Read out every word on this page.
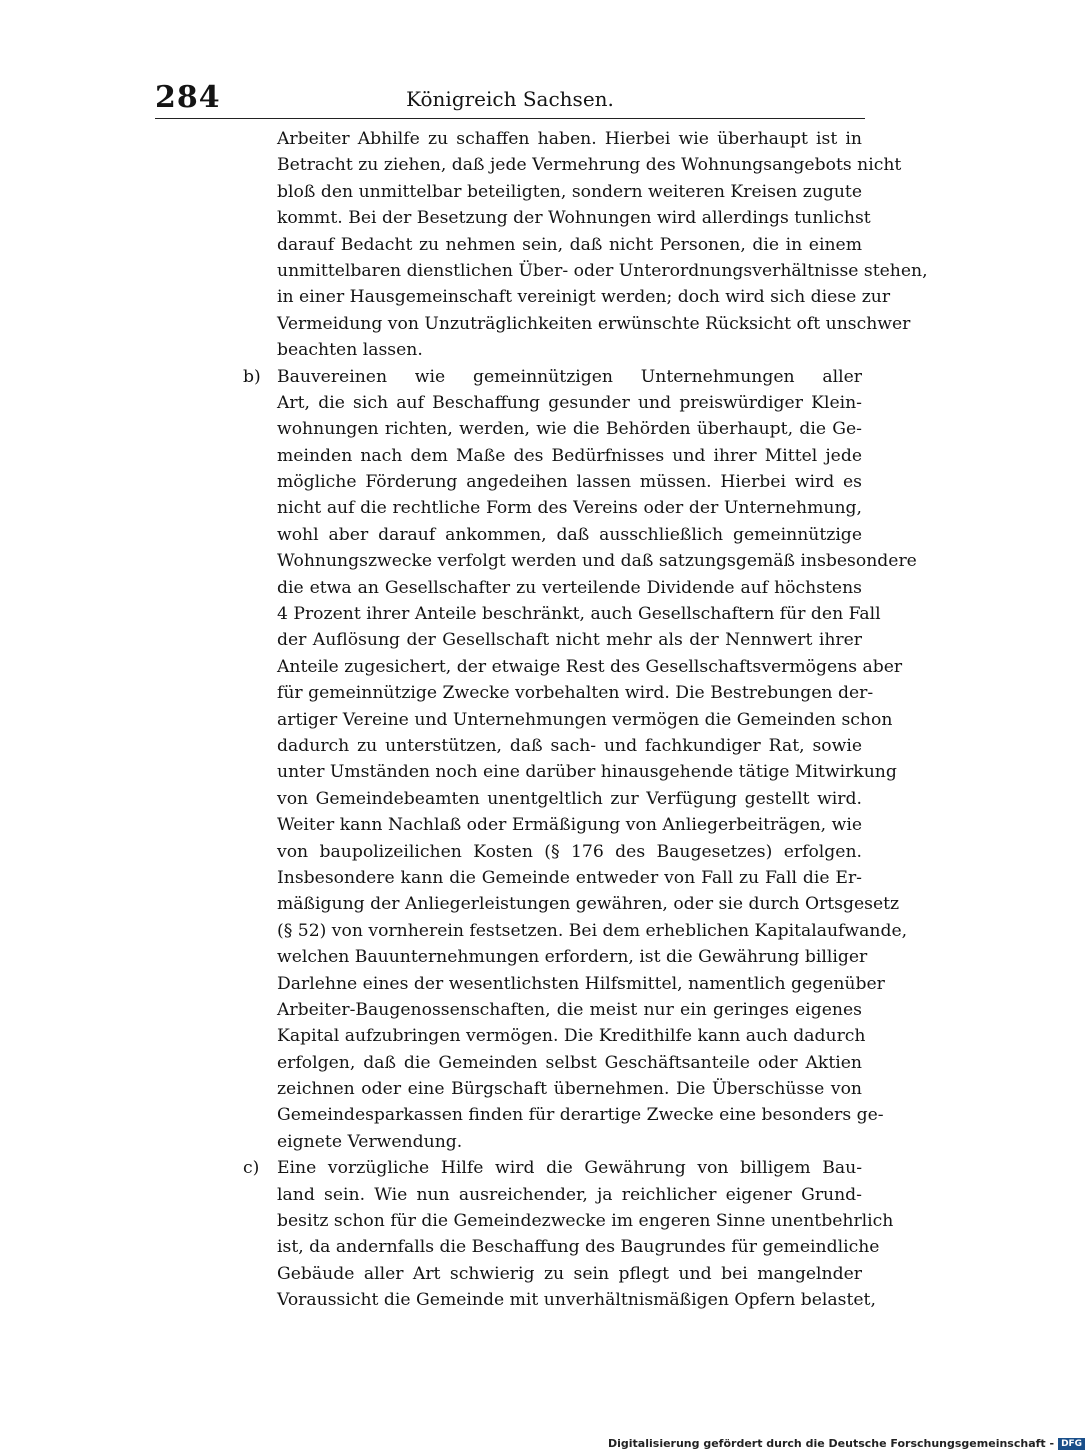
284	Königreich Sachsen.
Arbeiter Abhilfe zu schaffen haben. Hierbei wie überhaupt ist in
Betracht zu ziehen, daß jede Vermehrung des Wohnungsangebots nicht
bloß den unmittelbar beteiligten, sondern weiteren Kreisen zugute
kommt. Bei der Besetzung der Wohnungen wird allerdings tunlichst
darauf Bedacht zu nehmen sein, daß nicht Personen, die in einem
unmittelbaren dienstlichen Über- oder Unterordnungsverhältnisse stehen,
in einer Hausgemeinschaft vereinigt werden; doch wird sich diese zur
Vermeidung von Unzuträglichkeiten erwünschte Rücksicht oft unschwer
beachten lassen.
b) Bauvereinen wie gemeinnützigen Unternehmungen aller
Art, die sich auf Beschaffung gesunder und preiswürdiger Klein-
wohnungen richten, werden, wie die Behörden überhaupt, die Ge-
meinden nach dem Maße des Bedürfnisses und ihrer Mittel jede
mögliche Förderung angedeihen lassen müssen. Hierbei wird es
nicht auf die rechtliche Form des Vereins oder der Unternehmung,
wohl aber darauf ankommen, daß ausschließlich gemeinnützige
Wohnungszwecke verfolgt werden und daß satzungsgemäß insbesondere
die etwa an Gesellschafter zu verteilende Dividende auf höchstens
4 Prozent ihrer Anteile beschränkt, auch Gesellschaftern für den Fall
der Auflösung der Gesellschaft nicht mehr als der Nennwert ihrer
Anteile zugesichert, der etwaige Rest des Gesellschaftsvermögens aber
für gemeinnützige Zwecke vorbehalten wird. Die Bestrebungen der-
artiger Vereine und Unternehmungen vermögen die Gemeinden schon
dadurch zu unterstützen, daß sach- und fachkundiger Rat, sowie
unter Umständen noch eine darüber hinausgehende tätige Mitwirkung
von Gemeindebeamten unentgeltlich zur Verfügung gestellt wird.
Weiter kann Nachlaß oder Ermäßigung von Anliegerbeiträgen, wie
von baupolizeilichen Kosten (§ 176 des Baugesetzes) erfolgen.
Insbesondere kann die Gemeinde entweder von Fall zu Fall die Er-
mäßigung der Anliegerleistungen gewähren, oder sie durch Ortsgesetz
(§ 52) von vornherein festsetzen. Bei dem erheblichen Kapitalaufwande,
welchen Bauunternehmungen erfordern, ist die Gewährung billiger
Darlehne eines der wesentlichsten Hilfsmittel, namentlich gegenüber
Arbeiter-Baugenossenschaften, die meist nur ein geringes eigenes
Kapital aufzubringen vermögen. Die Kredithilfe kann auch dadurch
erfolgen, daß die Gemeinden selbst Geschäftsanteile oder Aktien
zeichnen oder eine Bürgschaft übernehmen. Die Überschüsse von
Gemeindesparkassen finden für derartige Zwecke eine besonders ge-
eignete Verwendung.
c) Eine vorzügliche Hilfe wird die Gewährung von billigem Bau-
land sein. Wie nun ausreichender, ja reichlicher eigener Grund-
besitz schon für die Gemeindezwecke im engeren Sinne unentbehrlich
ist, da andernfalls die Beschaffung des Baugrundes für gemeindliche
Gebäude aller Art schwierig zu sein pflegt und bei mangelnder
Voraussicht die Gemeinde mit unverhältnismäßigen Opfern belastet,
Digitalisierung gefördert durch die Deutsche Forschungsgemeinschaft - DFG
